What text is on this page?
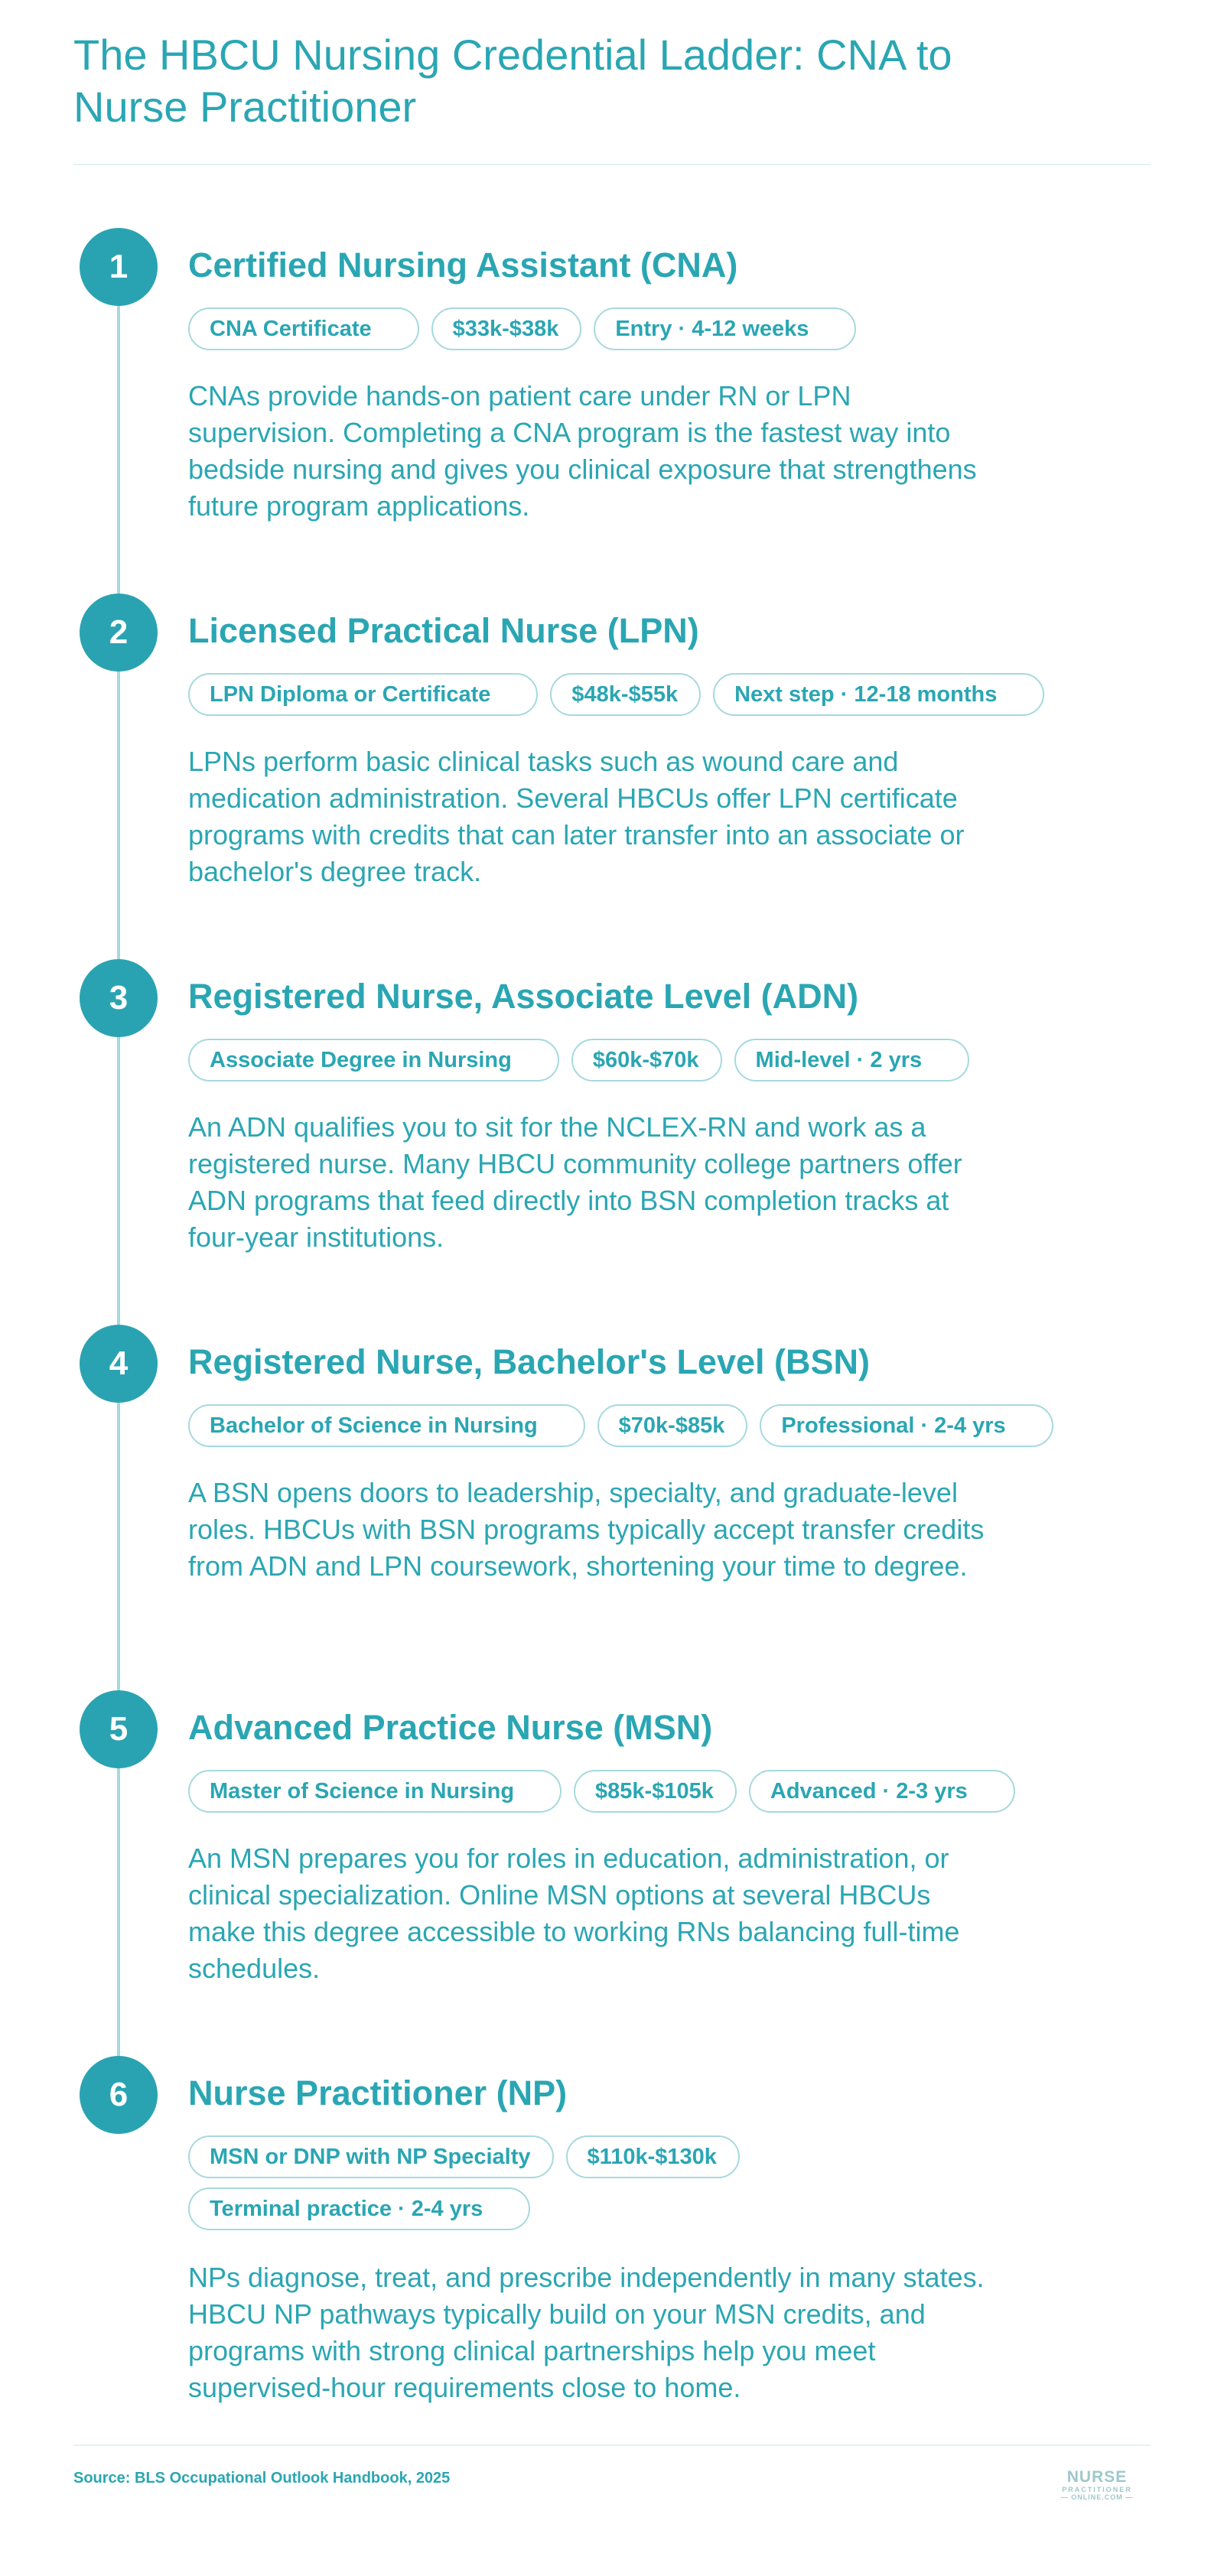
The HBCU Nursing Credential Ladder: CNA to Nurse Practitioner
1	Certified Nursing Assistant (CNA)
CNA Certificate	$33k-$38k	Entry · 4-12 weeks

CNAs provide hands-on patient care under RN or LPN supervision. Completing a CNA program is the fastest way into bedside nursing and gives you clinical exposure that strengthens future program applications.

2	Licensed Practical Nurse (LPN)
LPN Diploma or Certificate	$48k-$55k	Next step · 12-18 months

LPNs perform basic clinical tasks such as wound care and medication administration. Several HBCUs offer LPN certificate programs with credits that can later transfer into an associate or bachelor's degree track.

3	Registered Nurse, Associate Level (ADN)
Associate Degree in Nursing	$60k-$70k	Mid-level · 2 yrs

An ADN qualifies you to sit for the NCLEX-RN and work as a registered nurse. Many HBCU community college partners offer ADN programs that feed directly into BSN completion tracks at four-year institutions.

4	Registered Nurse, Bachelor's Level (BSN)
Bachelor of Science in Nursing	$70k-$85k	Professional · 2-4 yrs

A BSN opens doors to leadership, specialty, and graduate-level roles. HBCUs with BSN programs typically accept transfer credits from ADN and LPN coursework, shortening your time to degree.

5	Advanced Practice Nurse (MSN)
Master of Science in Nursing	$85k-$105k	Advanced · 2-3 yrs

An MSN prepares you for roles in education, administration, or clinical specialization. Online MSN options at several HBCUs make this degree accessible to working RNs balancing full-time schedules.

6	Nurse Practitioner (NP)
MSN or DNP with NP Specialty	$110k-$130k
Terminal practice · 2-4 yrs

NPs diagnose, treat, and prescribe independently in many states. HBCU NP pathways typically build on your MSN credits, and programs with strong clinical partnerships help you meet supervised-hour requirements close to home.

Source: BLS Occupational Outlook Handbook, 2025	NURSE
PRACTITIONER
— ONLINE.COM —
